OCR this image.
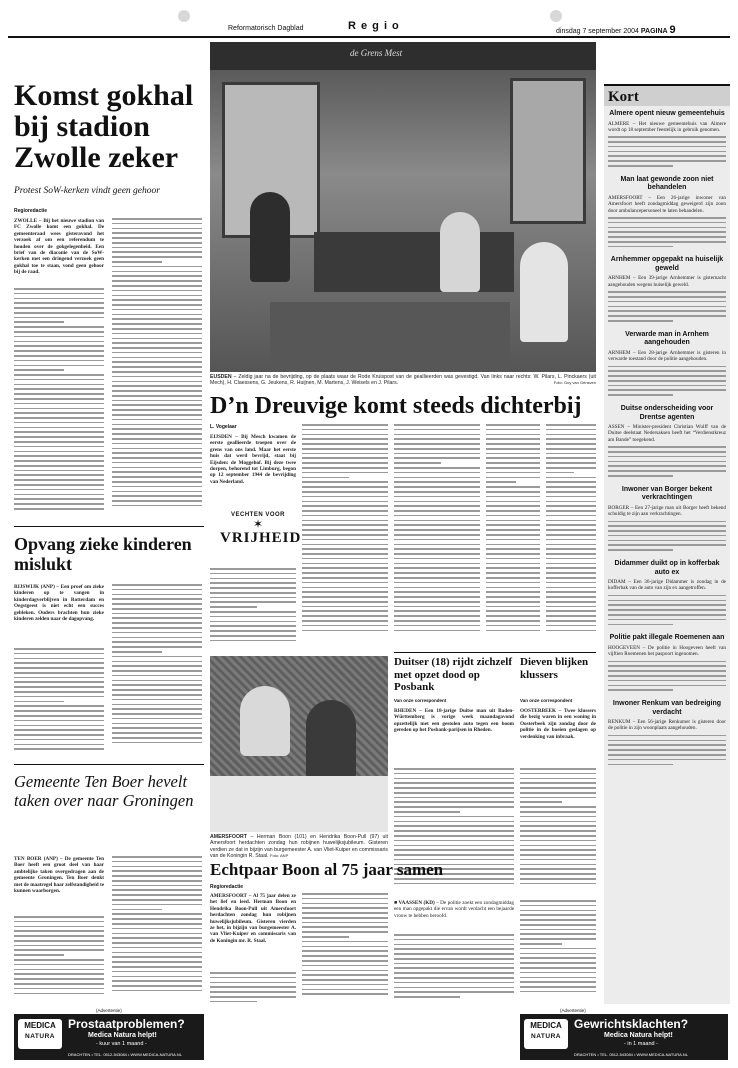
Reformatorisch Dagblad	R e g i o	dinsdag 7 september 2004 PAGINA 9
Komst gokhal bij stadion Zwolle zeker
Protest SoW-kerken vindt geen gehoor
Regioredactie
ZWOLLE – Bij het nieuwe stadion van FC Zwolle komt een gokhal. De gemeenteraad wees gisteravond het verzoek af om een referendum te houden over de gokgelegenheid. Een brief van de diaconie van de SoW-kerken met een dringend verzoek geen gokhal toe te staan, vond geen gehoor bij de raad.
Opvang zieke kinderen mislukt
RIJSWIJK (ANP) – Een proef om zieke kinderen op te vangen in kinderdagverblijven in Rotterdam en Oegstgeest is niet echt een succes gebleken. Ouders brachten hun zieke kinderen zelden naar de dagopvang.
Gemeente Ten Boer hevelt taken over naar Groningen
TEN BOER (ANP) – De gemeente Ten Boer heeft een groot deel van haar ambtelijke taken overgedragen aan de gemeente Groningen. Ten Boer denkt met de maatregel haar zelfstandigheid te kunnen waarborgen.
(Advertentie)
MEDICA
NATURA
Prostaatproblemen?
Medica Natura helpt!
- kuur van 1 maand -
DRACHTEN • TEL. 0512-543084 • WWW.MEDICA-NATURA.NL
de Grens Mest
EUSDEN – Zeldig jaar na de bevrijding, op de plaats waar de Rode Kruispost van de geallieerden was gevestigd. Van links naar rechts: W. Pilars, L. Pinckaers (uit Mech), H. Claessens, G. Jeukens, R. Huijnen, M. Martens, J. Weisels en J. Pilars.	Foto: Guy van Grinsven
D’n Dreuvige komt steeds dichterbij
L. Vogelaar
EIJSDEN – Bij Mesch kwamen de eerste geallieerde troepen over de grens van ons land. Maar het eerste huis dat werd bevrijd, staat bij Eijsden: de Moggehof. Bij deze twee dorpen, behorend tot Limburg, begon op 12 september 1944 de bevrijding van Nederland.
VECHTEN VOOR
✶
VRIJHEID
Duitser (18) rijdt zichzelf met opzet dood op Posbank
Van onze correspondent
RHEDEN – Een 18-jarige Duitse man uit Baden-Württemberg is vorige week maandagavond opzettelijk met een gestolen auto tegen een boom gereden op het Posbank-parijsen in Rheden.
Dieven blijken klussers
Van onze correspondent
OOSTERBEEK – Twee klussers die bezig waren in een woning in Oosterbeek zijn zondag door de politie in de boeien geslagen op verdenking van inbraak.
■ VAASSEN (KD) – De politie zoekt een zondagmiddag een man opgepakt die ervan wordt verdacht een bejaarde vrouw te hebben beroofd.
AMERSFOORT – Herman Boon (101) en Hendrika Boon-Pull (97) uit Amersfoort herdachten zondag hun robijnen huwelijksjubileum. Gisteren verdien ze dat in bijzijn van burgemeester A. van Vliet-Kuiper en commissaris van de Koningin R. Staal. Foto: ANP
Echtpaar Boon al 75 jaar samen
Regioredactie
AMERSFOORT – Al 75 jaar delen ze het lief en leed. Herman Boon en Hendrika Boon-Pull uit Amersfoort herdachten zondag hun robijnen huwelijksjubileum. Gisteren vierden ze het, in bijzijn van burgemeester A. van Vliet-Kuiper en commissaris van de Koningin mr. R. Staal.
(Advertentie)
MEDICA
NATURA
Gewrichtsklachten?
Medica Natura helpt!
- in 1 maand -
DRACHTEN • TEL. 0512-543084 • WWW.MEDICA-NATURA.NL
Kort
Almere opent nieuw gemeentehuis
ALMERE – Het nieuwe gemeentehuis van Almere wordt op 18 september feestelijk in gebruik genomen.
Man laat gewonde zoon niet behandelen
AMERSFOORT – Een 26-jarige inwoner van Amersfoort heeft zondagmiddag geweigerd zijn zoon door ambulancepersoneel te laten behandelen.
Arnhemmer opgepakt na huiselijk geweld
ARNHEM – Een 39-jarige Arnhemmer is gisternacht aangehouden wegens huiselijk geweld.
Verwarde man in Arnhem aangehouden
ARNHEM – Een 28-jarige Arnhemmer is gisteren in verwarde toestand door de politie aangehouden.
Duitse onderscheiding voor Drentse agenten
ASSEN – Minister-president Christian Wulff van de Duitse deelstaat Nedersaksen heeft het “Verdienstkreuz am Bande” toegekend.
Inwoner van Borger bekent verkrachtingen
BORGER – Een 27-jarige man uit Borger heeft bekend schuldig te zijn aan verkrachtingen.
Didammer duikt op in kofferbak auto ex
DIDAM – Een 36-jarige Didammer is zondag in de kofferbak van de auto van zijn ex aangetroffen.
Politie pakt illegale Roemenen aan
HOOGEVEEN – De politie in Hoogeveen heeft van vijftien Roemenen het paspoort ingenomen.
Inwoner Renkum van bedreiging verdacht
RENKUM – Een 56-jarige Renkumer is gisteren door de politie in zijn woonplaats aangehouden.
